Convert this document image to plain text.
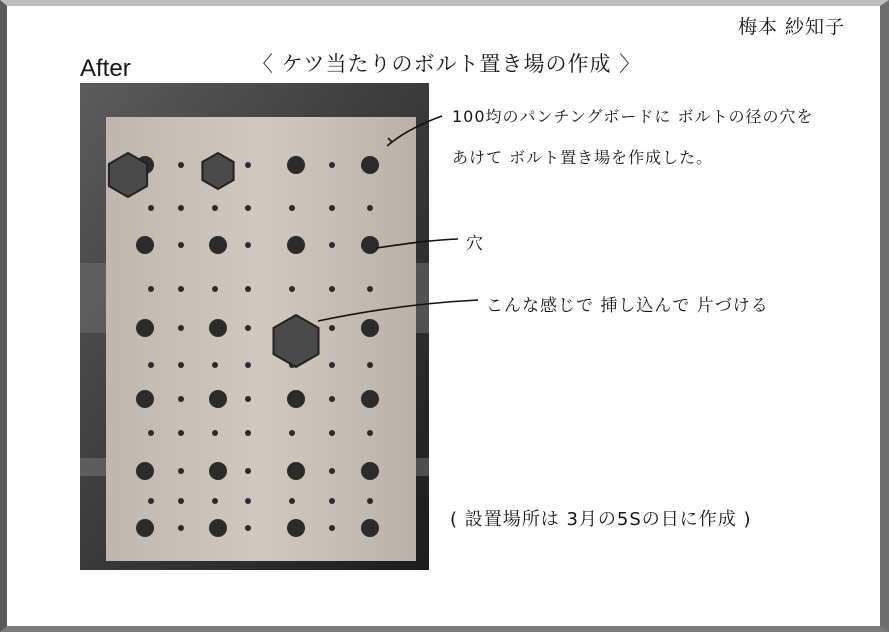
梅本 紗知子
After	〈 ケツ当たりのボルト置き場の作成 〉
100均のパンチングボードに ボルトの径の穴を
あけて ボルト置き場を作成した。
穴
こんな感じで 挿し込んで 片づける
( 設置場所は 3月の5Sの日に作成 )
